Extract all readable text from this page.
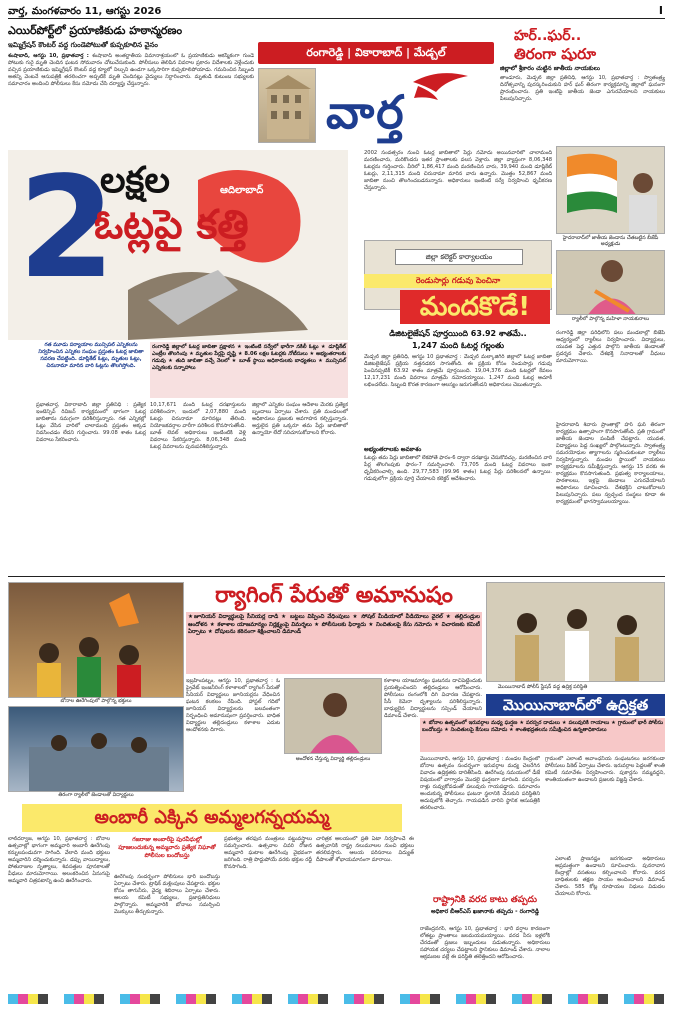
వార్త, మంగళవారం 11, ఆగస్టు 2026	I
ఎయిర్‌పోర్ట్‌లో ప్రయాణికుడు హఠాన్మరణం
ఇమ్మిగ్రేషన్ కౌంటర్ వద్ద గుండెపోటుతో కుప్పకూలిన వైనం
శంషాబాద్, ఆగస్టు 10, ప్రభాతవార్త : శంషాబాద్ అంతర్జాతీయ విమానాశ్రయంలో ఓ ప్రయాణికుడు ఆకస్మికంగా గుండె పోటుకు గురై మృతి చెందిన ఘటన సోమవారం చోటుచేసుకుంది. పోలీసులు తెలిపిన వివరాల ప్రకారం విదేశాలకు వెళ్లేందుకు వచ్చిన ప్రయాణికుడు ఇమ్మిగ్రేషన్ కౌంటర్ వద్ద క్యూలో నిల్చుని ఉండగా ఒక్కసారిగా కుప్పకూలిపోయాడు. గమనించిన సిబ్బంది అతన్ని వెంటనే ఆసుపత్రికి తరలించగా అప్పటికే మృతి చెందినట్లు వైద్యులు నిర్ధారించారు. మృతుడి కుటుంబ సభ్యులకు సమాచారం అందించి పోలీసులు కేసు నమోదు చేసి దర్యాప్తు చేస్తున్నారు.
రంగారెడ్డి | వికారాబాద్ | మేడ్చల్
వార్త
హర్..ఘర్..
తిరంగా షురూ
జిల్లాలో శ్రీకారం చుట్టిన జాతీయ నాయకులు
తాండూరు, మెడ్చల్ జిల్లా ప్రతినిధి, ఆగస్టు 10, ప్రభాతవార్త : స్వాతంత్ర్య దినోత్సవాన్ని పురస్కరించుకుని హర్ ఘర్ తిరంగా కార్యక్రమాన్ని జిల్లాలో ఘనంగా ప్రారంభించారు. ప్రతి ఇంటిపై జాతీయ జెండా ఎగురవేయాలని నాయకులు పిలుపునిచ్చారు.
హైదరాబాద్‌లో జాతీయ జెండాను చేతబట్టిన బీజేపీ అధ్యక్షుడు
ర్యాలీలో పాల్గొన్న మహిళా నాయకురాలు
రంగారెడ్డి జిల్లా పరిధిలోని పలు మండలాల్లో బీజేపీ ఆధ్వర్యంలో ర్యాలీలు నిర్వహించారు. విద్యార్థులు, యువత పెద్ద ఎత్తున పాల్గొని జాతీయ జెండాలతో ప్రదర్శన చేశారు. దేశభక్తి నినాదాలతో వీధులు మారుమోగాయి.
2
లక్షల
ఓట్లపై కత్తి
ఆదిలాబాద్
గత మూడు పర్యాయాల మున్సిపల్ ఎన్నికలను నిర్వహించిన ఎన్నికల సంఘం ప్రస్తుతం ఓటర్ల జాబితా సవరణ చేపట్టింది. డూప్లికేట్ ఓట్లు, మృతుల ఓట్లు, చిరునామా మారిన వారి ఓట్లను తొలగిస్తోంది.
రంగారెడ్డి జిల్లాలో ఓటర్ల జాబితా ప్రక్షాళన ★ ఇంటింటి సర్వేలో భారీగా నకిలీ ఓట్లు ★ డూప్లికేట్ ఎంట్రీల తొలగింపు ★ మృతుల పేర్లపై దృష్టి ★ 8.06 లక్షల ఓటర్లకు నోటీసులు ★ అభ్యంతరాలకు గడువు ★ తుది జాబితా వచ్చే నెలలో ★ బూత్ స్థాయి అధికారులకు బాధ్యతలు ★ మున్సిపల్ ఎన్నికలకు సన్నాహాలు
2002 సంవత్సరం నుంచి ఓటర్ల జాబితాలో పేర్లు నమోదు అయినవారిలో చాలామంది మరణించారు, మరికొందరు ఇతర ప్రాంతాలకు వలస వెళ్లారు. జిల్లా వ్యాప్తంగా 8,06,348 ఓటర్లను గుర్తించారు. వీరిలో 1,86,417 మంది మరణించిన వారు, 39,940 మంది డూప్లికేట్ ఓటర్లు, 2,11,315 మంది చిరునామా మారిన వారు ఉన్నారు. మొత్తం 52,867 మంది జాబితా నుంచి తొలగించబడనున్నారు. అధికారులు ఇంటింటి సర్వే నిర్వహించి ధృవీకరణ చేస్తున్నారు.
ప్రభాతవార్త, వికారాబాద్ జిల్లా ప్రతినిధి : ప్రత్యేక ఇంటెన్సివ్ రివిజన్ కార్యక్రమంలో భాగంగా ఓటర్ల జాబితాను సమగ్రంగా పరిశీలిస్తున్నారు. గత ఎన్నికల్లో ఓట్లు వేసిన వారిలో చాలామంది ప్రస్తుతం అక్కడ నివసించడం లేదని గుర్తించారు. 99.08 శాతం ఓటర్ల వివరాలు సేకరించారు.
10,17,671 మంది ఓటర్ల దరఖాస్తులను పరిశీలించగా, ఇందులో 2,07,880 మంది ఓటర్లు చిరునామా మారినట్లు తేలింది. నియోజకవర్గాల వారీగా పరిశీలన కొనసాగుతోంది. బూత్ లెవల్ అధికారులు ఇంటింటికి వెళ్లి వివరాలు సేకరిస్తున్నారు. 8,06,348 మంది ఓటర్ల వివరాలను పునఃపరిశీలిస్తున్నారు.
జిల్లాలో ఎన్నికల సంఘం ఆదేశాల మేరకు ప్రత్యేక బృందాలు ఏర్పాటు చేశారు. ప్రతి మండలంలో అధికారులు ప్రజలకు అవగాహన కల్పిస్తున్నారు. అర్హులైన ప్రతి ఒక్కరూ తమ పేర్లు జాబితాలో ఉన్నాయో లేదో సరిచూసుకోవాలని కోరారు.
జిల్లా కలెక్టర్ కార్యాలయం
రెండుసార్లు గడువు పెంచినా
మందకొడే!
డిజిటలైజేషన్ పూర్తయింది 63.92 శాతమే..
1,247 మంది ఓటర్ల గల్లంతు
మేడ్చల్ జిల్లా ప్రతినిధి, ఆగస్టు 10 ప్రభాతవార్త : మేడ్చల్ మల్కాజిగిరి జిల్లాలో ఓటర్ల జాబితా డిజిటలైజేషన్ ప్రక్రియ నత్తనడకన సాగుతోంది. ఈ ప్రక్రియ కోసం రెండుసార్లు గడువు పెంచినప్పటికీ 63.92 శాతం మాత్రమే పూర్తయింది. 19,04,376 మంది ఓటర్లలో కేవలం 12,17,231 మంది వివరాలు మాత్రమే నమోదయ్యాయి. 1,247 మంది ఓటర్ల ఆచూకీ లభించలేదు. సిబ్బంది కొరత కారణంగా ఆలస్యం జరుగుతోందని అధికారులు చెబుతున్నారు.
అభ్యంతరాలకు అవకాశం
ఓటర్లు తమ పేర్లు జాబితాలో లేకపోతే ఫారం-6 ద్వారా దరఖాస్తు చేసుకోవచ్చు. మరణించిన వారి పేర్ల తొలగింపుకు ఫారం-7 సమర్పించాలి. 73,705 మంది ఓటర్ల వివరాలు ఇంకా ధృవీకరించాల్సి ఉంది. 29,77,583 (99.96 శాతం) ఓటర్ల పేర్లు పరిశీలనలో ఉన్నాయి. గడువులోగా ప్రక్రియ పూర్తి చేయాలని కలెక్టర్ ఆదేశించారు.
హైదరాబాద్ శివారు ప్రాంతాల్లో హర్ ఘర్ తిరంగా కార్యక్రమం ఉత్సాహంగా కొనసాగుతోంది. ప్రతి గ్రామంలో జాతీయ జెండాల పంపిణీ చేపట్టారు. యువత, విద్యార్థులు పెద్ద సంఖ్యలో పాల్గొంటున్నారు. స్వాతంత్ర్య సమరయోధుల త్యాగాలను స్మరించుకుంటూ ర్యాలీలు నిర్వహిస్తున్నారు. మండల స్థాయిలో నాయకులు కార్యక్రమాలను సమీక్షిస్తున్నారు. ఆగస్టు 15 వరకు ఈ కార్యక్రమం కొనసాగుతుంది. ప్రభుత్వ కార్యాలయాలు, పాఠశాలలు, ఇళ్లపై జెండాలు ఎగురవేయాలని అధికారులు సూచించారు. దేశభక్తిని చాటుకోవాలని పిలుపునిచ్చారు. పలు స్వచ్ఛంద సంస్థలు కూడా ఈ కార్యక్రమంలో భాగస్వాములయ్యాయి.
ర్యాగింగ్ పేరుతో అమానుషం
★జూనియర్ విద్యార్థులపై సీనియర్ల దాడి ★ బట్టలు విప్పించి వేధింపులు ★ సోషల్ మీడియాలో వీడియోలు వైరల్ ★ తల్లిదండ్రుల ఆందోళన ★ కళాశాల యాజమాన్యం నిర్లక్ష్యంపై విమర్శలు ★ పోలీసులకు ఫిర్యాదు ★ నిందితులపై కేసు నమోదు ★ విచారణకు కమిటీ ఏర్పాటు ★ దోషులను కఠినంగా శిక్షించాలని డిమాండ్
బోనాల ఊరేగింపులో పాల్గొన్న భక్తులు
తిరంగా ర్యాలీలో జెండాలతో విద్యార్థులు
ఇబ్రహీంపట్నం, ఆగస్టు 10, ప్రభాతవార్త : ఓ ప్రైవేట్ ఇంజనీరింగ్ కళాశాలలో ర్యాగింగ్ పేరుతో సీనియర్ విద్యార్థులు జూనియర్లను వేధించిన ఘటన కలకలం రేపింది. హాస్టల్ గదిలో జూనియర్ విద్యార్థులను బలవంతంగా నిర్బంధించి అమానుషంగా ప్రవర్తించారు. బాధిత విద్యార్థుల తల్లిదండ్రులు కళాశాల ఎదుట ఆందోళనకు దిగారు.
ఆందోళన చేస్తున్న విద్యార్థి తల్లిదండ్రులు
కళాశాల యాజమాన్యం ఘటనను దాచిపెట్టేందుకు ప్రయత్నించిందని తల్లిదండ్రులు ఆరోపించారు. పోలీసులు రంగంలోకి దిగి విచారణ చేపట్టారు. సీసీ కెమెరా దృశ్యాలను పరిశీలిస్తున్నారు. బాధ్యులైన విద్యార్థులను సస్పెండ్ చేయాలని డిమాండ్ చేశారు.
మొయినాబాద్ పోలీస్ స్టేషన్ వద్ద ఉద్రిక్త పరిస్థితి
మొయినాబాద్‌లో ఉద్రిక్తత
★ బోనాల ఉత్సవంలో ఇరువర్గాల మధ్య ఘర్షణ ★ పరస్పర దాడులు ★ పలువురికి గాయాలు ★ గ్రామంలో భారీ పోలీసు బందోబస్తు ★ నిందితులపై కేసులు నమోదు ★ శాంతిభద్రతలను సమీక్షించిన ఉన్నతాధికారులు
మొయినాబాద్, ఆగస్టు 10, ప్రభాతవార్త : మండల కేంద్రంలో బోనాల ఉత్సవం సందర్భంగా ఇరువర్గాల మధ్య చెలరేగిన వివాదం ఉద్రిక్తతకు దారితీసింది. ఊరేగింపు సమయంలో డీజే విషయంలో వాగ్వాదం మొదలై ఘర్షణగా మారింది. పరస్పరం రాళ్లు రువ్వుకోవడంతో పలువురు గాయపడ్డారు. సమాచారం అందుకున్న పోలీసులు ఘటనా స్థలానికి చేరుకుని పరిస్థితిని అదుపులోకి తెచ్చారు. గాయపడిన వారిని స్థానిక ఆసుపత్రికి తరలించారు.
గ్రామంలో ఎలాంటి అవాంఛనీయ సంఘటనలు జరగకుండా పోలీసులు పికెట్ ఏర్పాటు చేశారు. ఇరువర్గాల పెద్దలతో శాంతి కమిటీ సమావేశం నిర్వహించారు. పుకార్లను నమ్మవద్దని, శాంతియుతంగా ఉండాలని ప్రజలకు విజ్ఞప్తి చేశారు.
అంబారీ ఎక్కిన అమ్మలగన్నయమ్మ
లాల్‌దర్వాజ, ఆగస్టు 10, ప్రభాతవార్త : బోనాల ఉత్సవాల్లో భాగంగా అమ్మవారి అంబారీ ఊరేగింపు కన్నులపండువగా సాగింది. వేలాది మంది భక్తులు అమ్మవారిని దర్శించుకున్నారు. డప్పు వాయిద్యాలు, పోతురాజుల నృత్యాలు, శివసత్తుల పూనకాలతో వీధులు మారుమోగాయి. అలంకరించిన ఏనుగుపై అమ్మవారి చిత్రపటాన్ని ఉంచి ఊరేగించారు.
గజరాజు అంబారీపై పురవీధుల్లో పూజలందుకున్న అమ్మవారు ప్రత్యేక నిఘాతో పోలీసుల బందోబస్తు
ఊరేగింపు సందర్భంగా పోలీసులు భారీ బందోబస్తు ఏర్పాటు చేశారు. ట్రాఫిక్ మళ్లింపులు చేపట్టారు. భక్తుల కోసం తాగునీరు, వైద్య శిబిరాలు ఏర్పాటు చేశారు. ఆలయ కమిటీ సభ్యులు, ప్రజాప్రతినిధులు పాల్గొన్నారు. అమ్మవారికి బోనాలు సమర్పించి మొక్కులు తీర్చుకున్నారు.
ప్రభుత్వం తరఫున మంత్రులు పట్టువస్త్రాలు సమర్పించారు. ఉత్సవాల చివరి రోజున అమ్మవారి ఘటాల ఊరేగింపు వైభవంగా జరిగింది. రాత్రి పొద్దుపోయే వరకు భక్తుల రద్దీ కొనసాగింది.
చారిత్రక ఆలయంలో ప్రతి ఏటా నిర్వహించే ఈ ఉత్సవానికి రాష్ట్ర నలుమూలల నుంచి భక్తులు తరలివస్తారు. ఆలయ పరిసరాలు విద్యుత్ దీపాలతో శోభాయమానంగా మారాయి.
రాష్ట్రానికి వరద కాటు తప్పదు
అధికార బీఆర్ఎస్ ఖజానాకు తప్పదు - రంగారెడ్డి
రాజేంద్రనగర్, ఆగస్టు 10, ప్రభాతవార్త : భారీ వర్షాల కారణంగా లోతట్టు ప్రాంతాలు జలమయమయ్యాయి. వరద నీరు ఇళ్లలోకి చేరడంతో ప్రజలు ఇబ్బందులు పడుతున్నారు. అధికారులు సహాయక చర్యలు చేపట్టాలని స్థానికులు డిమాండ్ చేశారు. నాలాల ఆక్రమణల వల్లే ఈ పరిస్థితి తలెత్తిందని ఆరోపించారు.
ఎలాంటి ప్రాణనష్టం జరగకుండా అధికారులు అప్రమత్తంగా ఉండాలని సూచించారు. పునరావాస కేంద్రాల్లో వసతులు కల్పించాలని కోరారు. వరద బాధితులకు తక్షణ సాయం అందించాలని డిమాండ్ చేశారు. 585 కోట్ల రూపాయల నిధులు విడుదల చేయాలని కోరారు.
